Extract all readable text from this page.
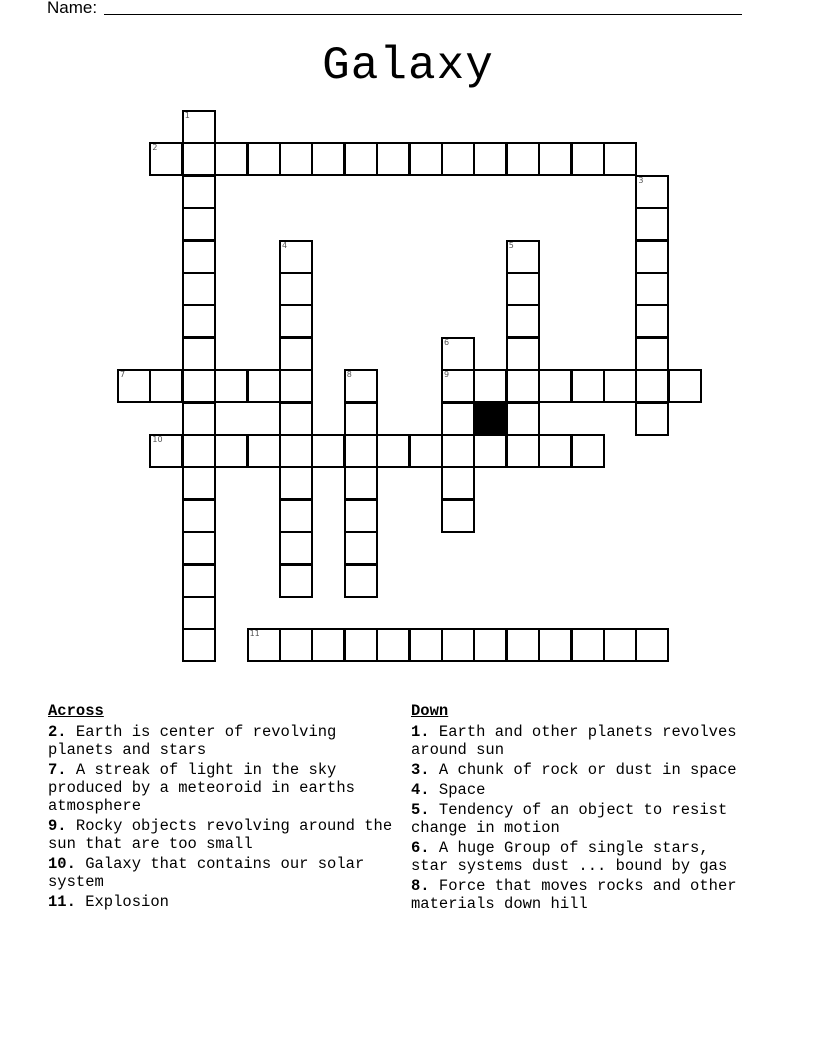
Name:
Galaxy
1
2
3
4	5
6
9
7	8
10
11
Across
2. Earth is center of revolving planets and stars
7. A streak of light in the sky produced by a meteoroid in earths atmosphere
9. Rocky objects revolving around the sun that are too small
10. Galaxy that contains our solar system
11. Explosion
Down
1. Earth and other planets revolves around sun
3. A chunk of rock or dust in space
4. Space
5. Tendency of an object to resist change in motion
6. A huge Group of single stars, star systems dust ... bound by gas
8. Force that moves rocks and other materials down hill
